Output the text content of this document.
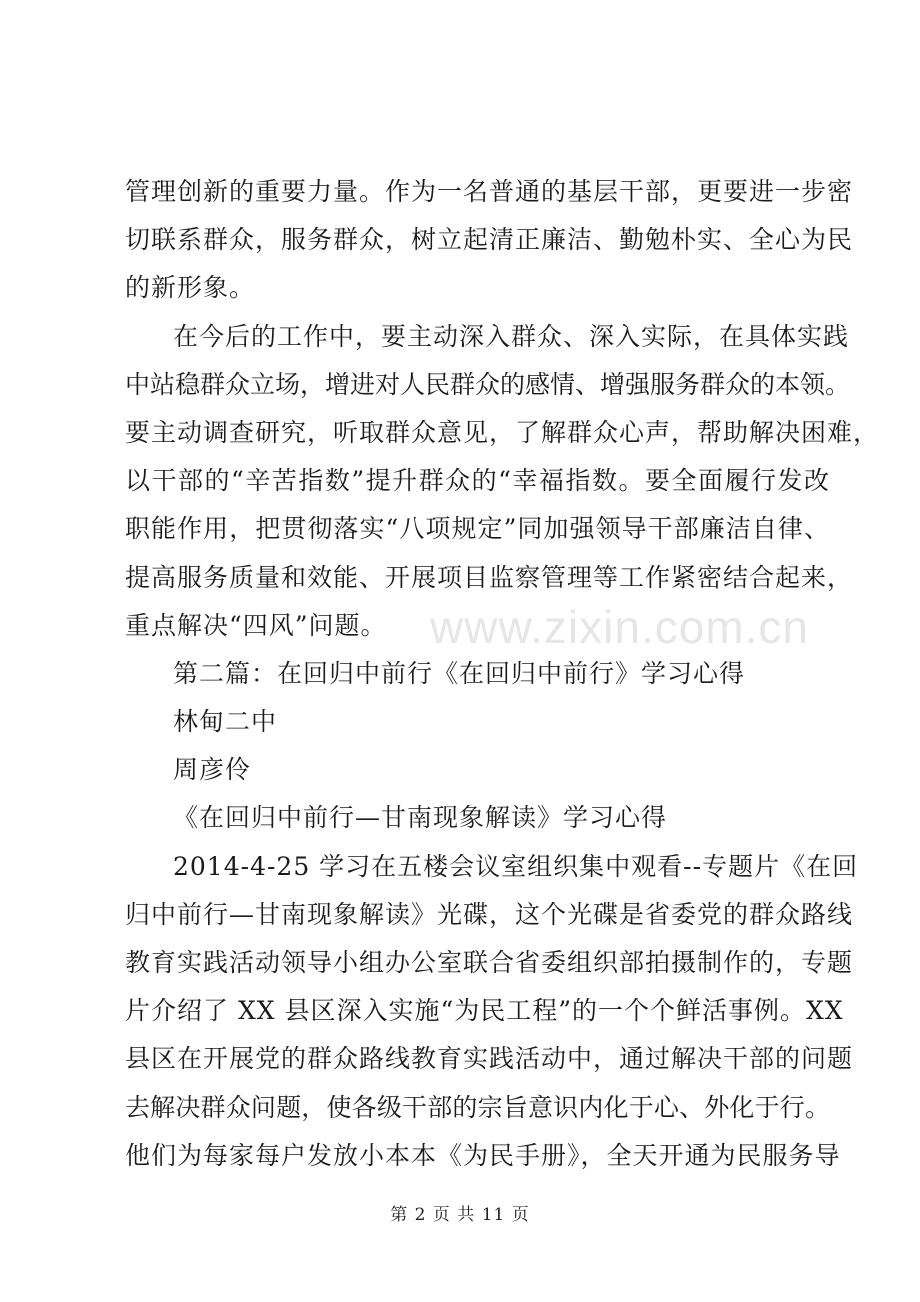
www.zixin.com.cn
管理创新的重要力量。作为一名普通的基层干部，更要进一步密
切联系群众，服务群众，树立起清正廉洁、勤勉朴实、全心为民
的新形象。
在今后的工作中，要主动深入群众、深入实际，在具体实践
中站稳群众立场，增进对人民群众的感情、增强服务群众的本领。
要主动调查研究，听取群众意见，了解群众心声，帮助解决困难，
以干部的“辛苦指数”提升群众的“幸福指数。要全面履行发改
职能作用，把贯彻落实“八项规定”同加强领导干部廉洁自律、
提高服务质量和效能、开展项目监察管理等工作紧密结合起来，
重点解决“四风”问题。
第二篇：在回归中前行《在回归中前行》学习心得
林甸二中
周彦伶
《在回归中前行—甘南现象解读》学习心得
2014-4-25 学习在五楼会议室组织集中观看--专题片《在回
归中前行—甘南现象解读》光碟，这个光碟是省委党的群众路线
教育实践活动领导小组办公室联合省委组织部拍摄制作的，专题
片介绍了 XX 县区深入实施“为民工程”的一个个鲜活事例。XX
县区在开展党的群众路线教育实践活动中，通过解决干部的问题
去解决群众问题，使各级干部的宗旨意识内化于心、外化于行。
他们为每家每户发放小本本《为民手册》，全天开通为民服务导
第 2 页 共 11 页
